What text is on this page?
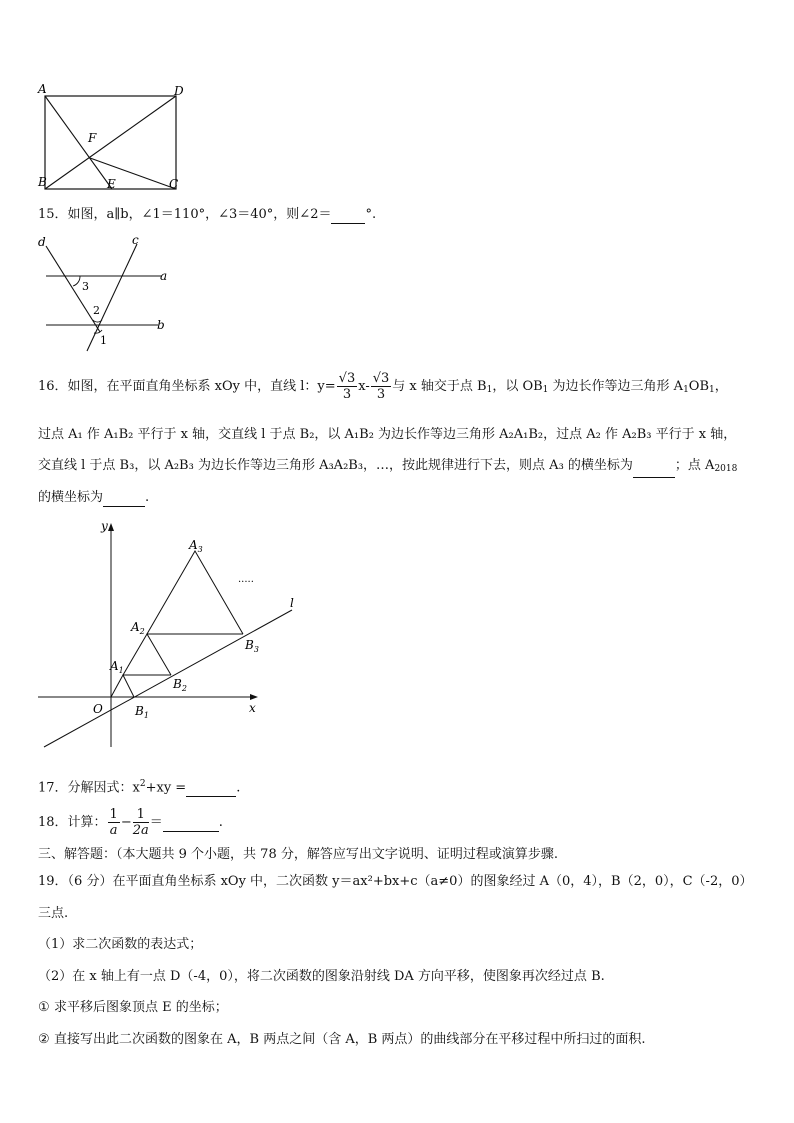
A	D
F
B	E	C
15．如图，a∥b，∠1＝110°，∠3＝40°，则∠2＝	°.
d	c
a
b
3
2
1
16．如图，在平面直角坐标系 xOy 中，直线 l：$y= \frac{√3}{3} x- \frac{√3}{3}$ 与 x 轴交于点 $B_1$，以 $OB_1$ 为边长作等边三角形 $A_1OB_1$，
过点 A₁ 作 A₁B₂ 平行于 x 轴，交直线 l 于点 B₂，以 A₁B₂ 为边长作等边三角形 A₂A₁B₂，过点 A₂ 作 A₂B₃ 平行于 x 轴，
交直线 l 于点 B₃，以 A₂B₃ 为边长作等边三角形 A₃A₂B₃，…，按此规律进行下去，则点 A₃ 的横坐标为	；点 $A_{2018}$
的横坐标为	.
y
x
O
l
.....
$A_1$
$A_2$
$A_3$
$B_1$
$B_2$
$B_3$
17．分解因式：$x^2+xy$ =	.
18．计算： $\frac{1}{a} - \frac{1}{2a}$ ＝	.
三、解答题：（本大题共 9 个小题，共 78 分，解答应写出文字说明、证明过程或演算步骤.
19．（6 分）在平面直角坐标系 xOy 中，二次函数 y＝ax²+bx+c（a≠0）的图象经过 A（0，4），B（2，0），C（-2，0）
三点.
（1）求二次函数的表达式；
（2）在 x 轴上有一点 D（-4，0），将二次函数的图象沿射线 DA 方向平移，使图象再次经过点 B.
求平移后图象顶点 E 的坐标；
直接写出此二次函数的图象在 A，B 两点之间（含 A，B 两点）的曲线部分在平移过程中所扫过的面积.
①
②
